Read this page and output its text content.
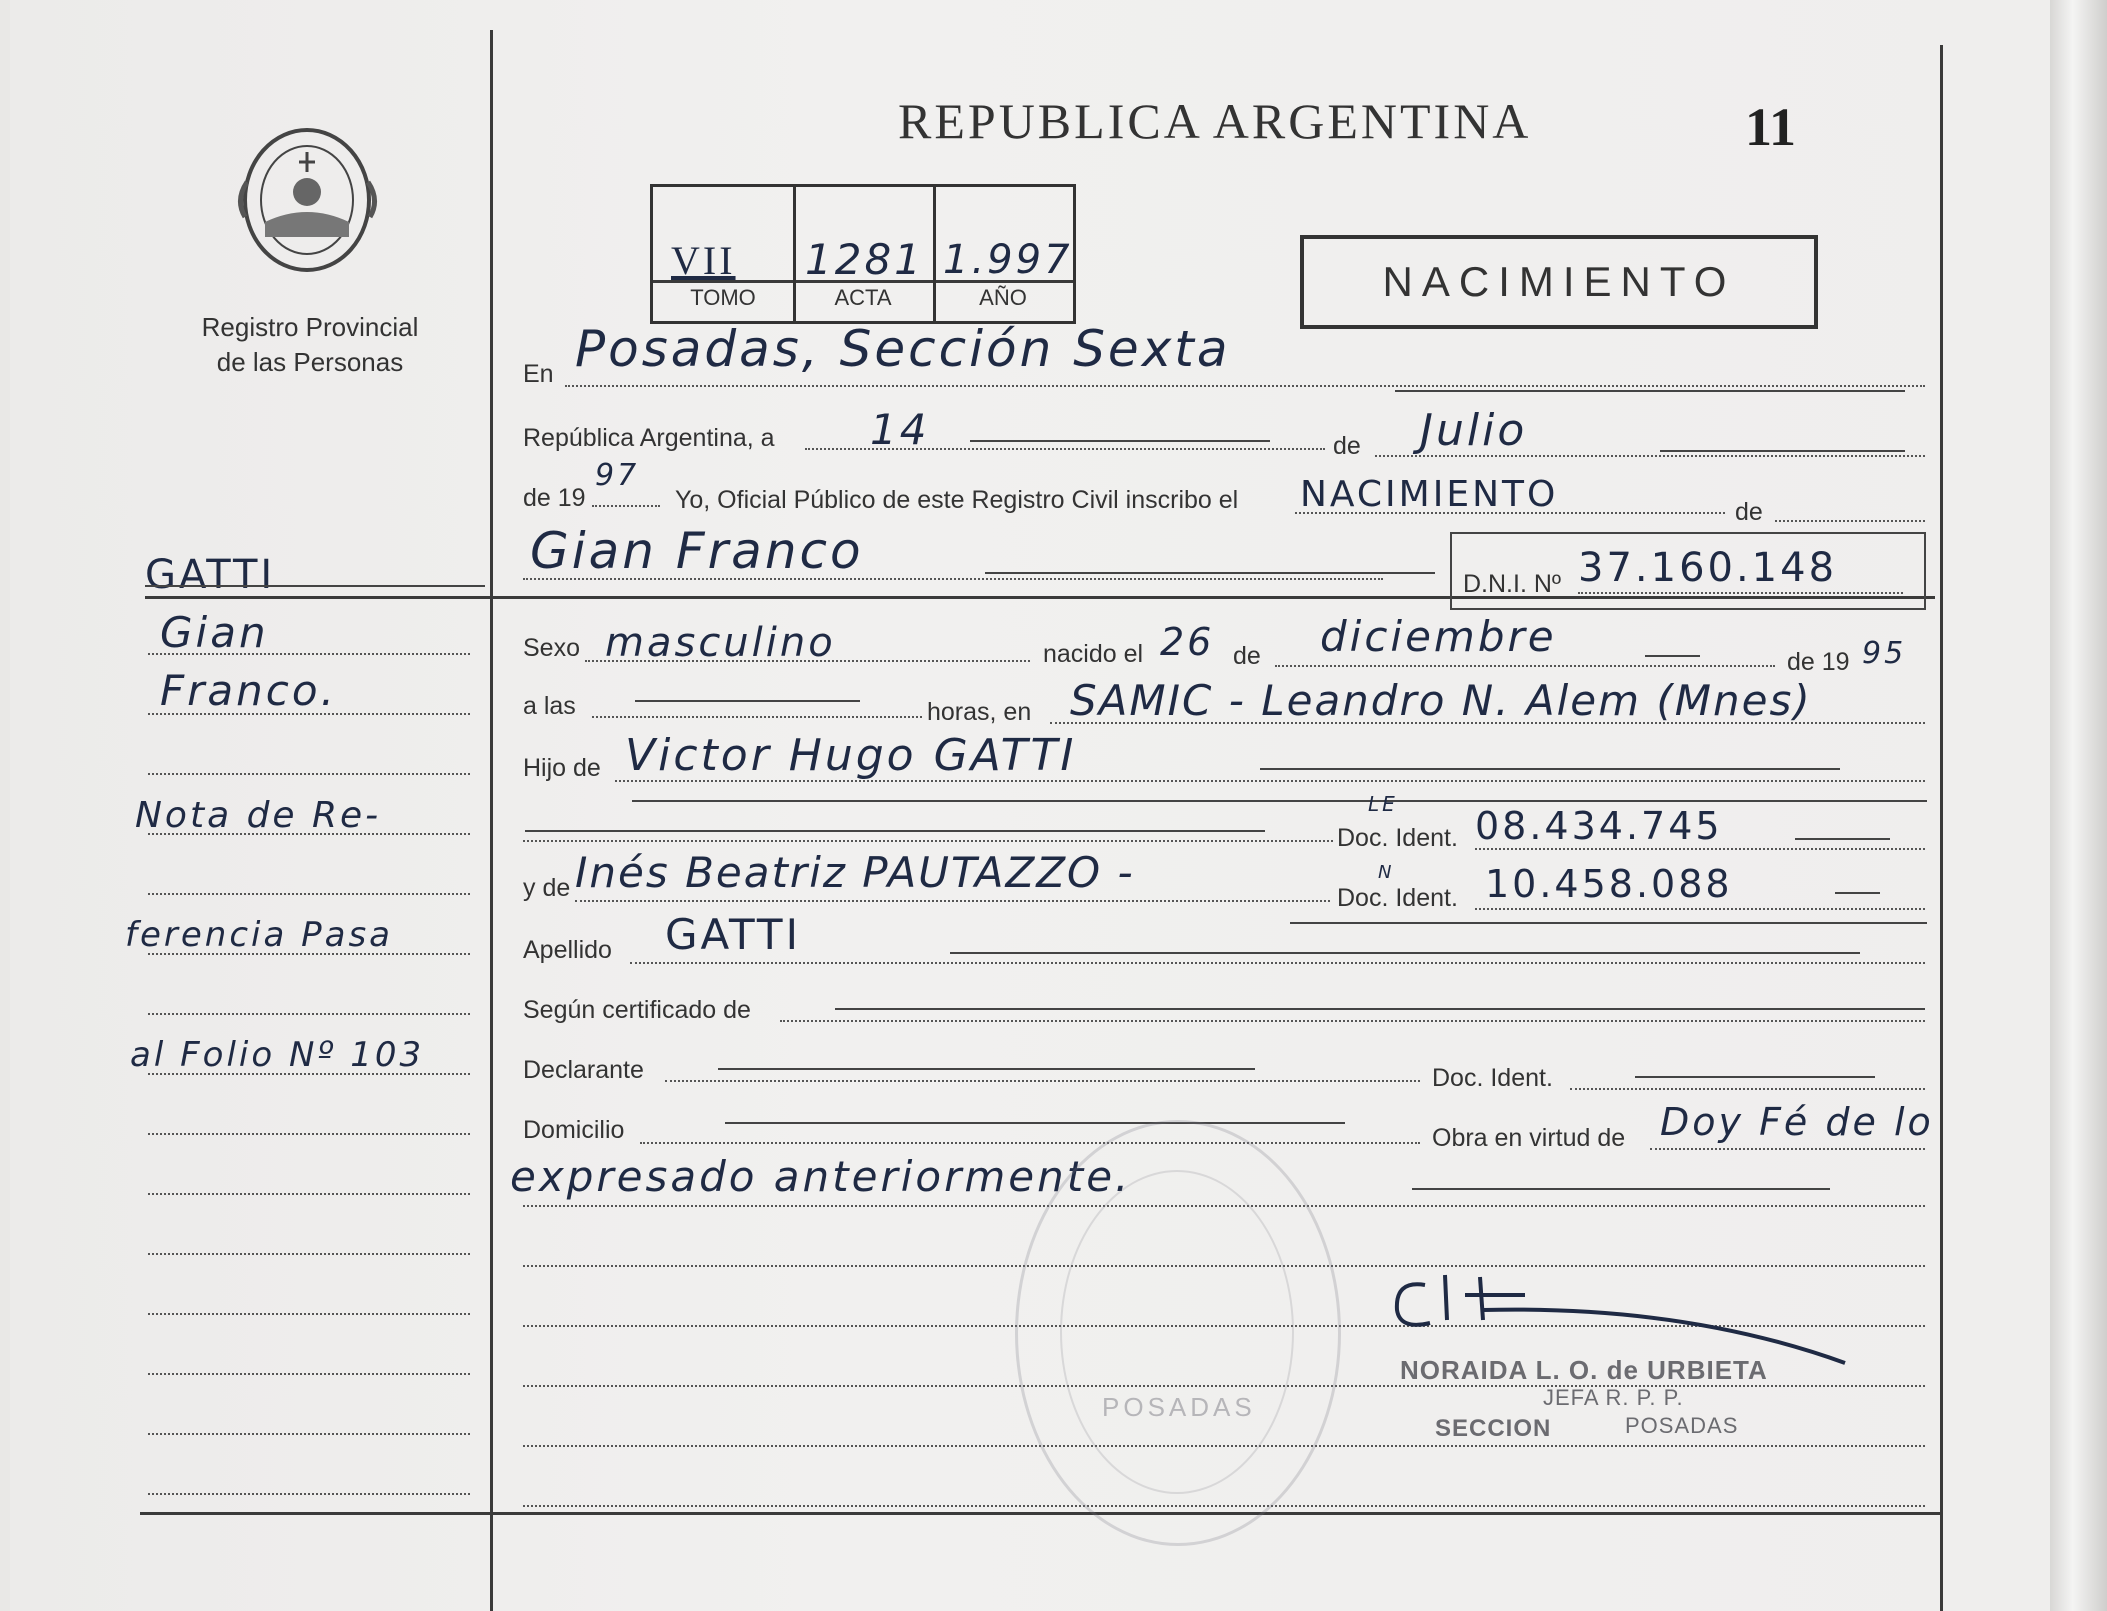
REPUBLICA ARGENTINA	11
Registro Provincial
de las Personas
VII 1281 1.997
TOMO	ACTA	AÑO	NACIMIENTO
En Posadas, Sección Sexta
República Argentina, a 14	de Julio
de 19
97
Yo, Oficial Público de este Registro Civil inscribo el NACIMIENTO	de
Gian Franco
D.N.I. Nº 37.160.148
Sexo masculino	nacido el 26 de diciembre
de 19 95
a las	horas, en SAMIC - Leandro N. Alem (Mnes)
Hijo de Victor Hugo GATTI
Doc. Ident.
LE 08.434.745
y de Inés Beatriz PAUTAZZO -
Doc. Ident.
N 10.458.088
Apellido GATTI
Según certificado de
Declarante	Doc. Ident.
Domicilio	Obra en virtud de Doy Fé de lo
expresado anteriormente.
POSADAS
NORAIDA L. O. de URBIETA
JEFA R. P. P.
SECCION	POSADAS
GATTI
Gian
Franco.
Nota de Re-
ferencia Pasa
al Folio Nº 103
